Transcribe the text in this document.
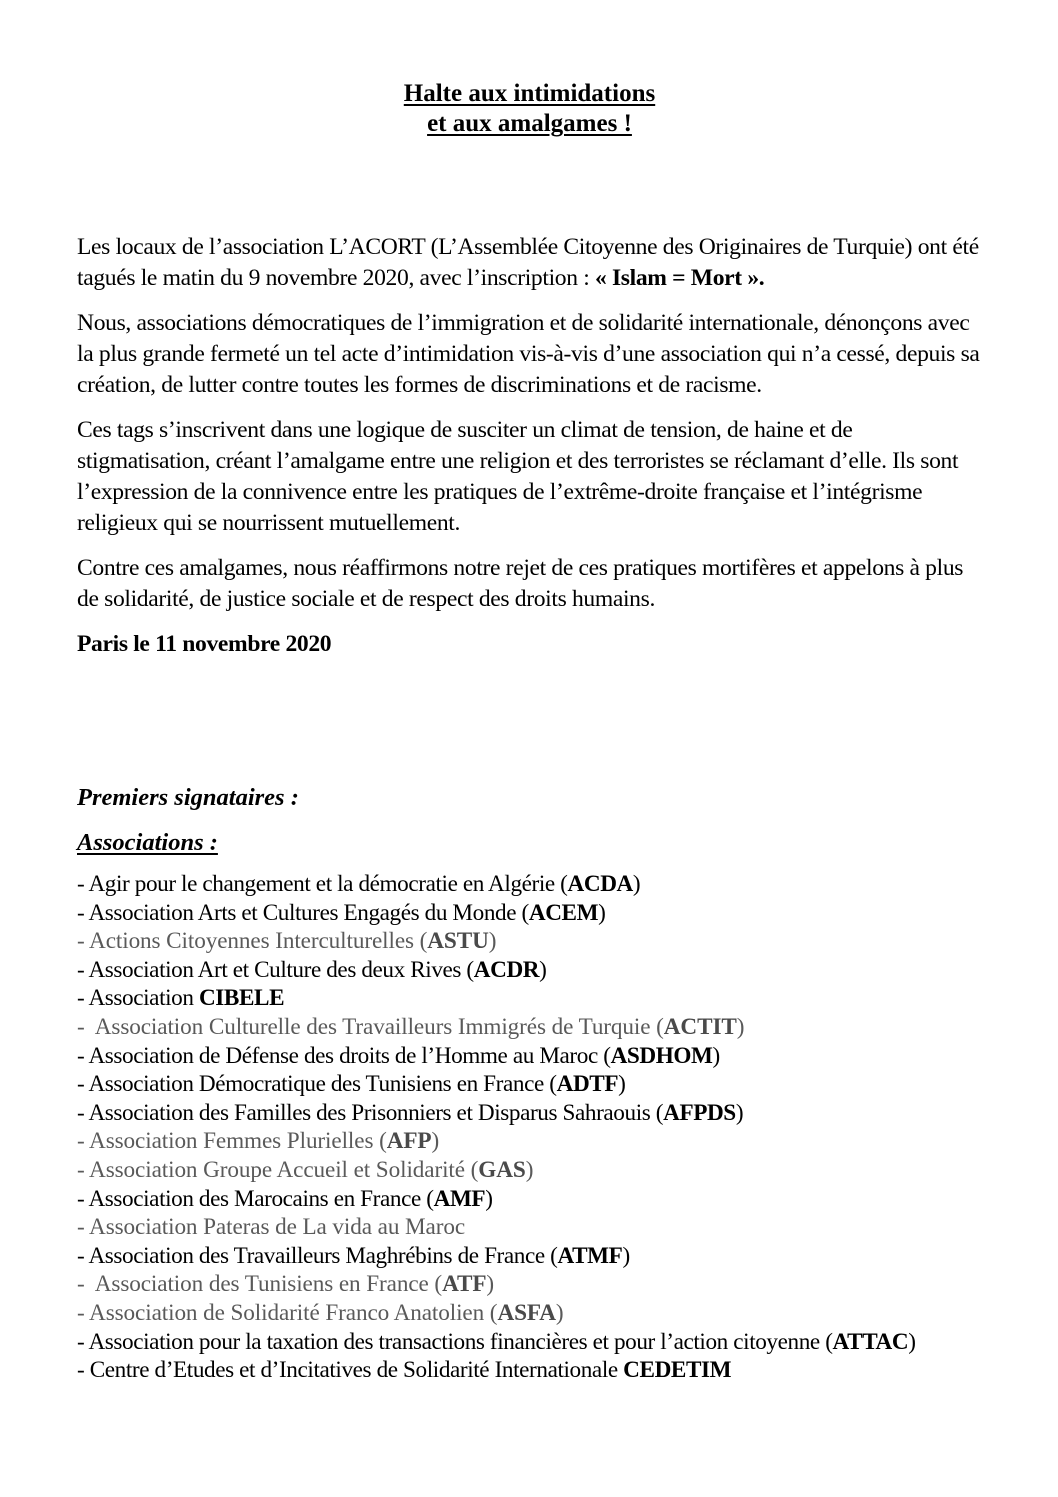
Halte aux intimidations
et aux amalgames !

Les locaux de l’association L’ACORT (L’Assemblée Citoyenne des Originaires de Turquie) ont été tagués le matin du 9 novembre 2020, avec l’inscription : « Islam = Mort ».

Nous, associations démocratiques de l’immigration et de solidarité internationale, dénonçons avec la plus grande fermeté un tel acte d’intimidation vis-à-vis d’une association qui n’a cessé, depuis sa création, de lutter contre toutes les formes de discriminations et de racisme.

Ces tags s’inscrivent dans une logique de susciter un climat de tension, de haine et de stigmatisation, créant l’amalgame entre une religion et des terroristes se réclamant d’elle. Ils sont l’expression de la connivence entre les pratiques de l’extrême-droite française et l’intégrisme religieux qui se nourrissent mutuellement.

Contre ces amalgames, nous réaffirmons notre rejet de ces pratiques mortifères et appelons à plus de solidarité, de justice sociale et de respect des droits humains.

Paris le 11 novembre 2020

Premiers signataires :
Associations :
- Agir pour le changement et la démocratie en Algérie (ACDA)
- Association Arts et Cultures Engagés du Monde (ACEM)
- Actions Citoyennes Interculturelles (ASTU)
- Association Art et Culture des deux Rives (ACDR)
- Association CIBELE
-  Association Culturelle des Travailleurs Immigrés de Turquie (ACTIT)
- Association de Défense des droits de l’Homme au Maroc (ASDHOM)
- Association Démocratique des Tunisiens en France (ADTF)
- Association des Familles des Prisonniers et Disparus Sahraouis (AFPDS)
- Association Femmes Plurielles (AFP)
- Association Groupe Accueil et Solidarité (GAS)
- Association des Marocains en France (AMF)
- Association Pateras de La vida au Maroc
- Association des Travailleurs Maghrébins de France (ATMF)
-  Association des Tunisiens en France (ATF)
- Association de Solidarité Franco Anatolien (ASFA)
- Association pour la taxation des transactions financières et pour l’action citoyenne (ATTAC)
- Centre d’Etudes et d’Incitatives de Solidarité Internationale CEDETIM
